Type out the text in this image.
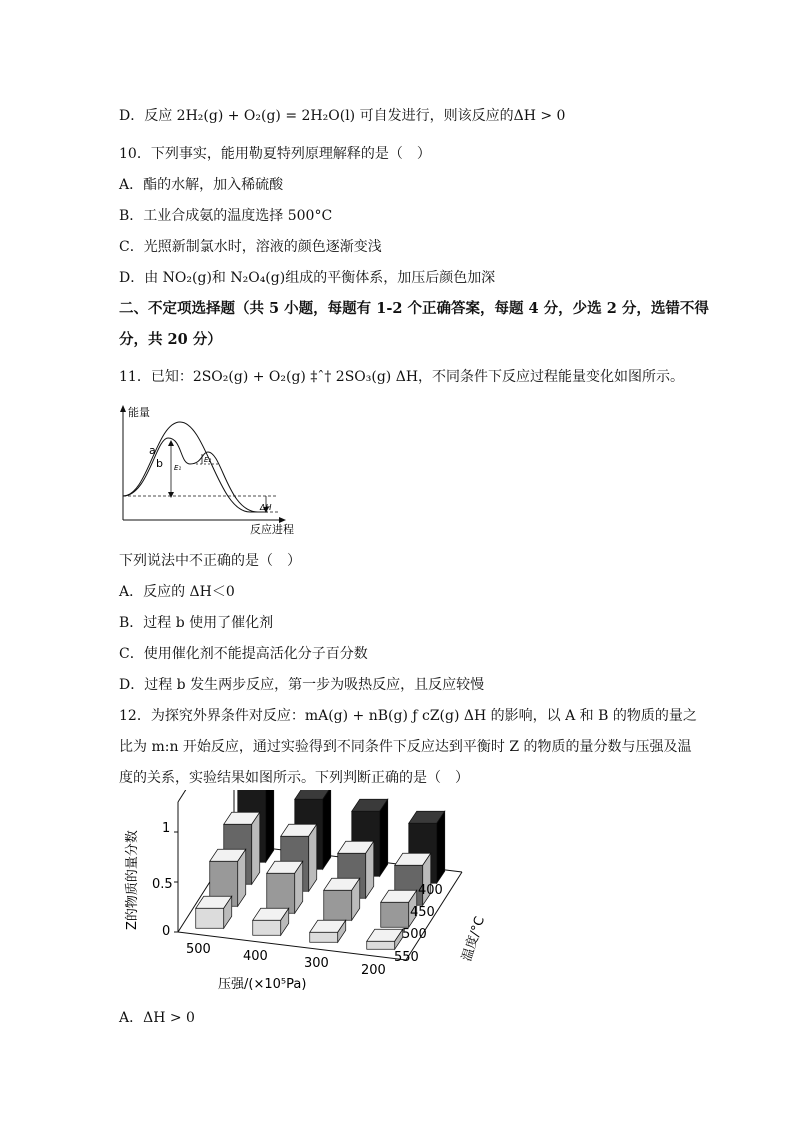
D．反应 2H₂(g) + O₂(g) = 2H₂O(l) 可自发进行，则该反应的ΔH > 0
10．下列事实，能用勒夏特列原理解释的是（　）
A．酯的水解，加入稀硫酸
B．工业合成氨的温度选择 500°C
C．光照新制氯水时，溶液的颜色逐渐变浅
D．由 NO₂(g)和 N₂O₄(g)组成的平衡体系，加压后颜色加深
二、不定项选择题（共 5 小题，每题有 1-2 个正确答案，每题 4 分，少选 2 分，选错不得
分，共 20 分）
11．已知：2SO₂(g) + O₂(g) ‡ˆ† 2SO₃(g) ΔH，不同条件下反应过程能量变化如图所示。
能量
反应进程
a
b E₁
E₂
ΔH
下列说法中不正确的是（　）
A．反应的 ΔH＜0
B．过程 b 使用了催化剂
C．使用催化剂不能提高活化分子百分数
D．过程 b 发生两步反应，第一步为吸热反应，且反应较慢
12．为探究外界条件对反应：mA(g) + nB(g) ƒ cZ(g) ΔH 的影响，以 A 和 B 的物质的量之
比为 m:n 开始反应，通过实验得到不同条件下反应达到平衡时 Z 的物质的量分数与压强及温
度的关系，实验结果如图所示。下列判断正确的是（　）
Z的物质的量分数
1
0.5
0
500 400	300 200
压强/(×10⁵Pa)
400
450
500
550	温度/°C
A．ΔH > 0
